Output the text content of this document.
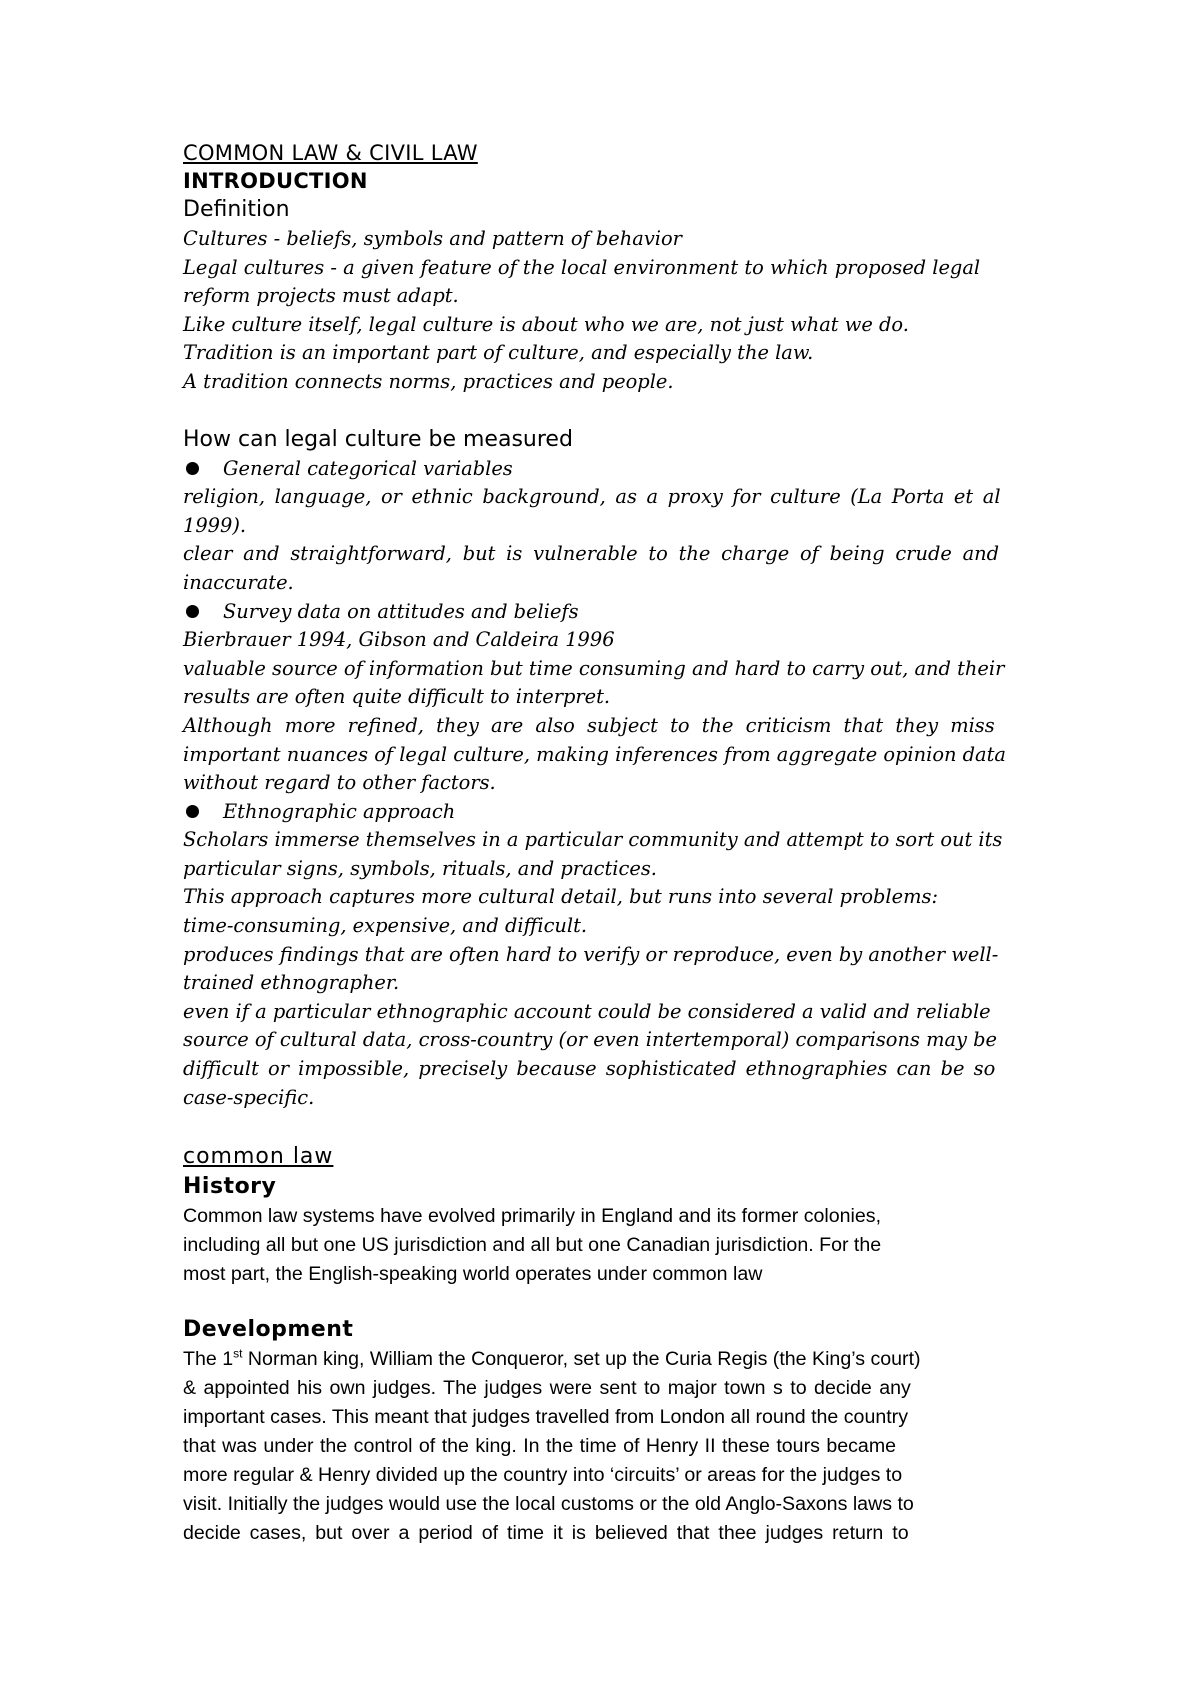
COMMON LAW & CIVIL LAW
INTRODUCTION
Definition
Cultures - beliefs, symbols and pattern of behavior
Legal cultures - a given feature of the local environment to which proposed legal
reform projects must adapt.
Like culture itself, legal culture is about who we are, not just what we do.
Tradition is an important part of culture, and especially the law.
A tradition connects norms, practices and people.
How can legal culture be measured
General categorical variables
religion, language, or ethnic background, as a proxy for culture (La Porta et al
1999).
clear and straightforward, but is vulnerable to the charge of being crude and
inaccurate.
Survey data on attitudes and beliefs
Bierbrauer 1994, Gibson and Caldeira 1996
valuable source of information but time consuming and hard to carry out, and their
results are often quite difficult to interpret.
Although more refined, they are also subject to the criticism that they miss
important nuances of legal culture, making inferences from aggregate opinion data
without regard to other factors.
Ethnographic approach
Scholars immerse themselves in a particular community and attempt to sort out its
particular signs, symbols, rituals, and practices.
This approach captures more cultural detail, but runs into several problems:
time-consuming, expensive, and difficult.
produces findings that are often hard to verify or reproduce, even by another well-
trained ethnographer.
even if a particular ethnographic account could be considered a valid and reliable
source of cultural data, cross-country (or even intertemporal) comparisons may be
difficult or impossible, precisely because sophisticated ethnographies can be so
case-specific.
common law
History
Common law systems have evolved primarily in England and its former colonies,
including all but one US jurisdiction and all but one Canadian jurisdiction. For the
most part, the English-speaking world operates under common law
Development
The 1st Norman king, William the Conqueror, set up the Curia Regis (the King’s court)
& appointed his own judges. The judges were sent to major town s to decide any
important cases. This meant that judges travelled from London all round the country
that was under the control of the king. In the time of Henry II these tours became
more regular & Henry divided up the country into ‘circuits’ or areas for the judges to
visit. Initially the judges would use the local customs or the old Anglo-Saxons laws to
decide cases, but over a period of time it is believed that thee judges return to
